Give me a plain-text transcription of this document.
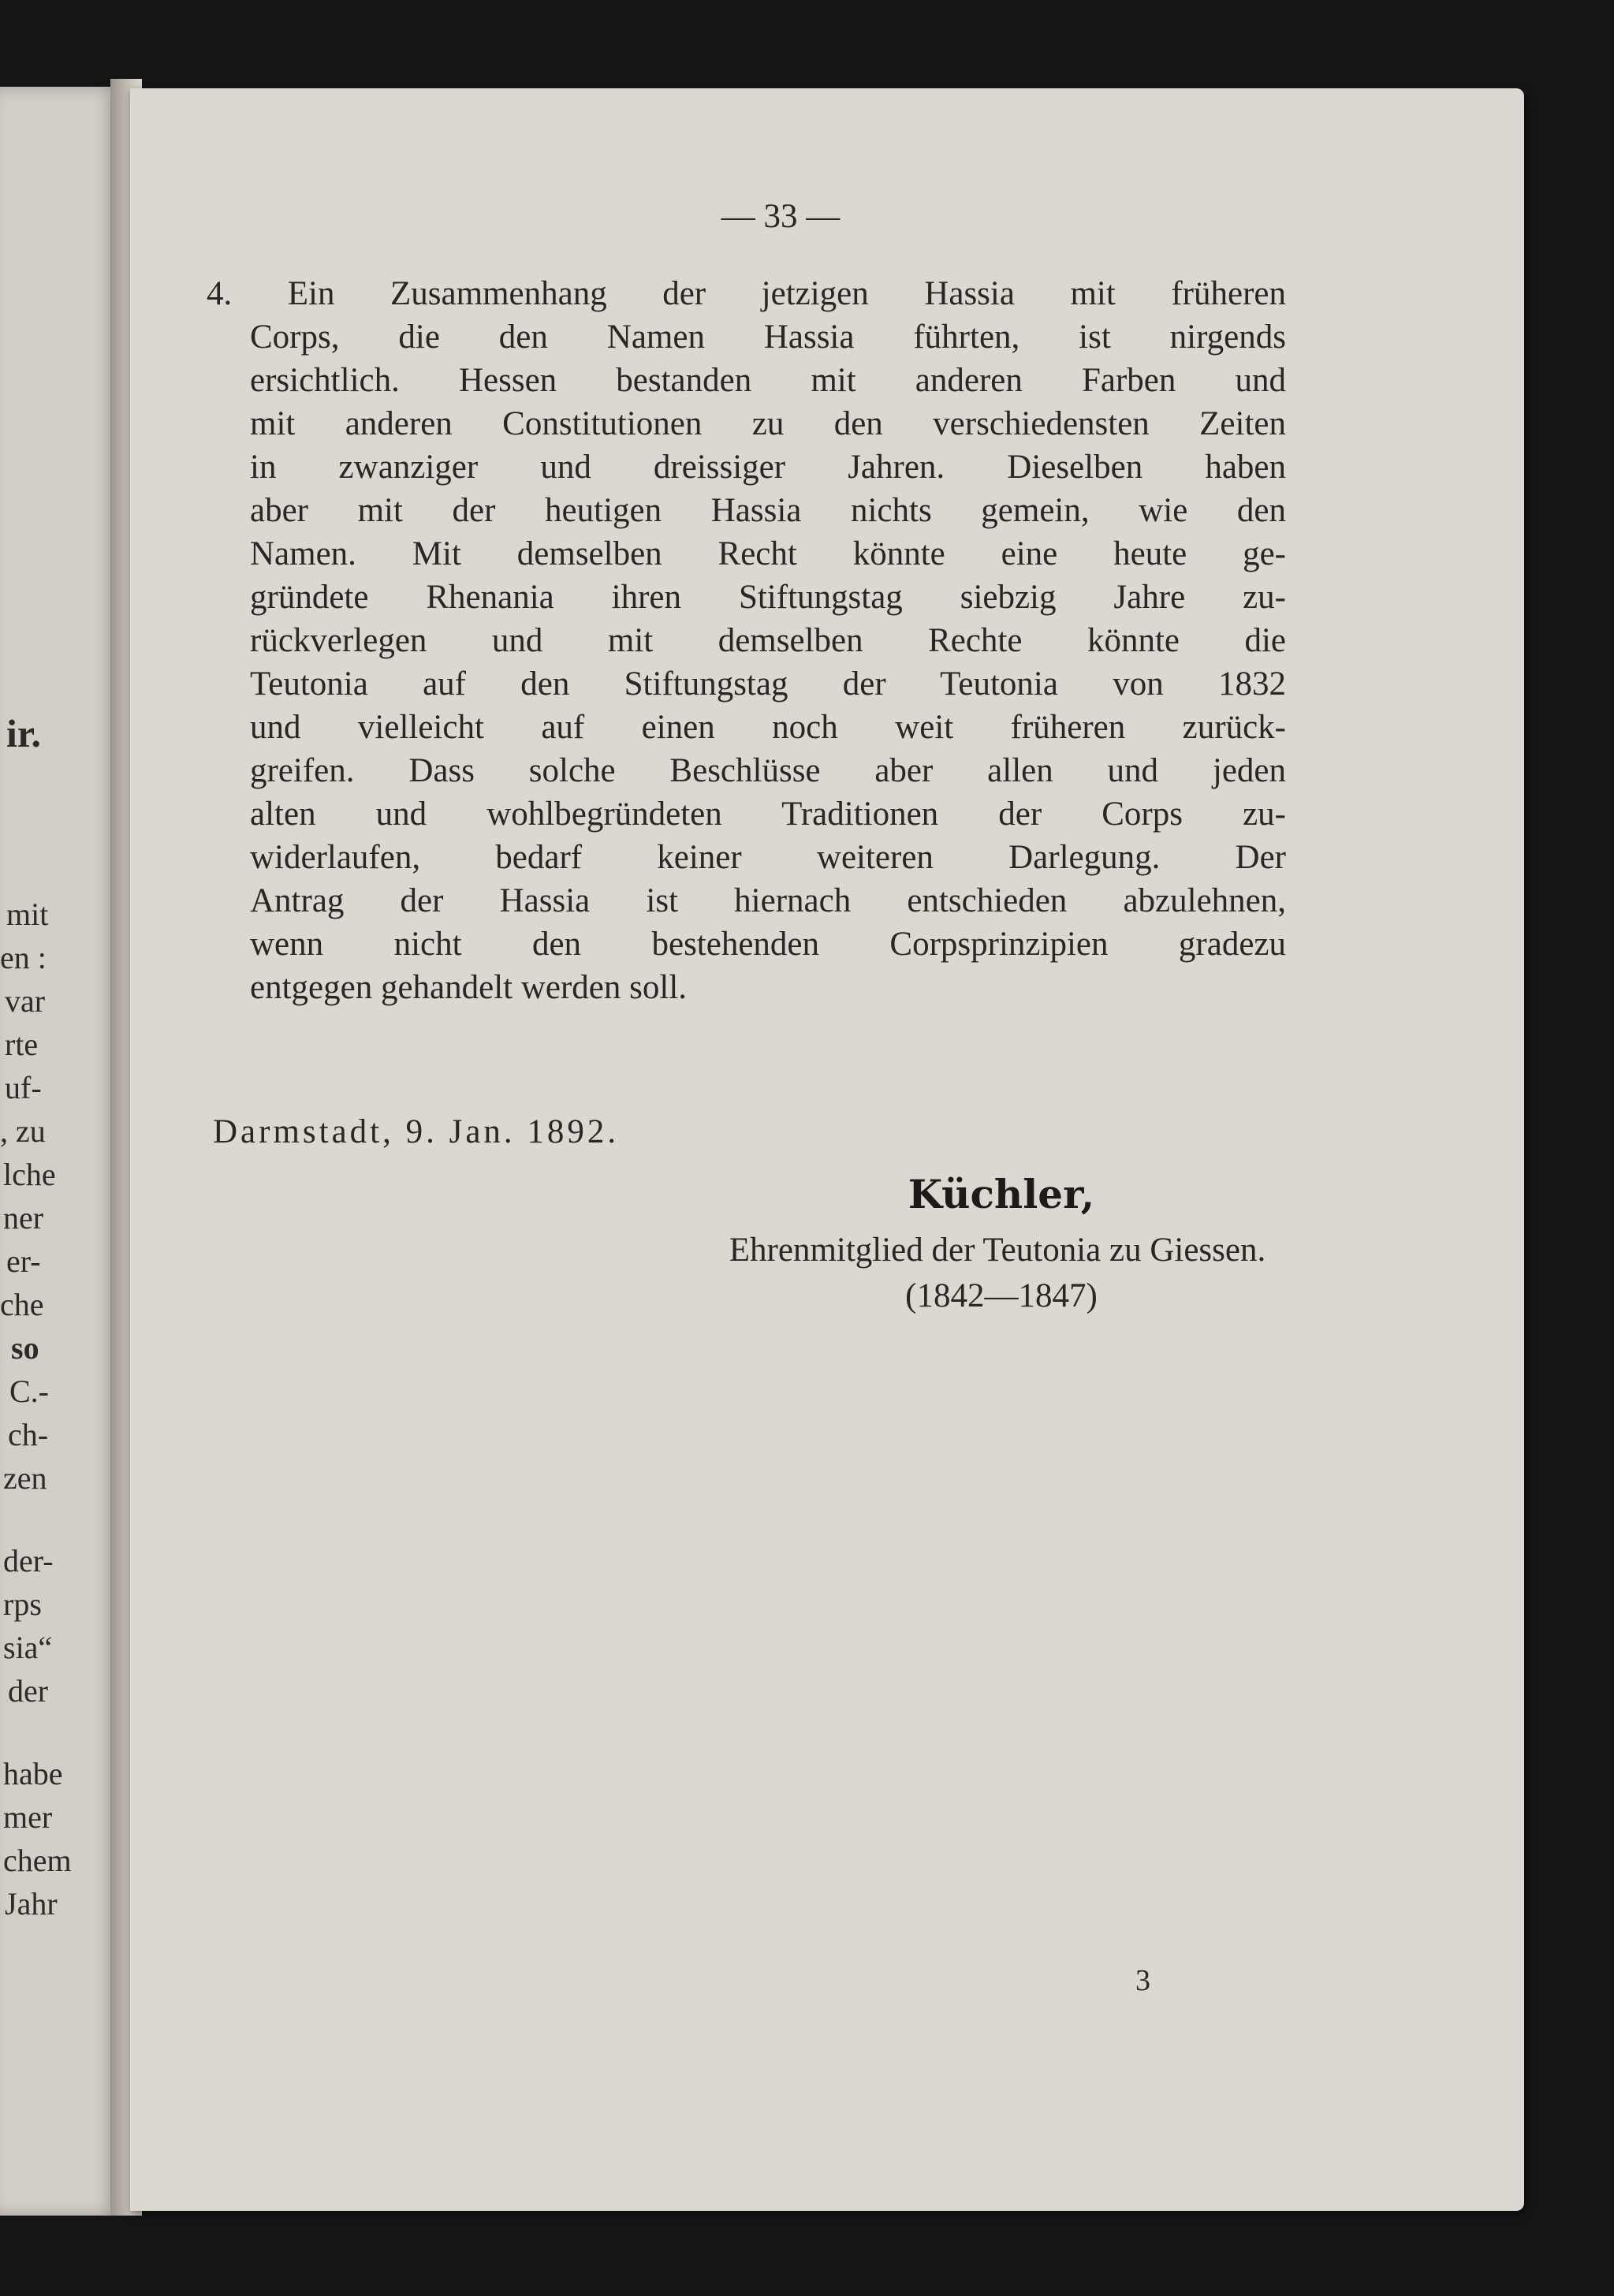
ir.
mit
en :
var
rte
uf-
, zu
lche
ner
er-
che
so
C.-
ch-
zen
der-
rps
sia“
der
habe
mer
chem
Jahr
— 33 —
4. Ein Zusammenhang der jetzigen Hassia mit früheren
Corps, die den Namen Hassia führten, ist nirgends
ersichtlich. Hessen bestanden mit anderen Farben und
mit anderen Constitutionen zu den verschiedensten Zeiten
in zwanziger und dreissiger Jahren. Dieselben haben
aber mit der heutigen Hassia nichts gemein, wie den
Namen. Mit demselben Recht könnte eine heute ge-
gründete Rhenania ihren Stiftungstag siebzig Jahre zu-
rückverlegen und mit demselben Rechte könnte die
Teutonia auf den Stiftungstag der Teutonia von 1832
und vielleicht auf einen noch weit früheren zurück-
greifen. Dass solche Beschlüsse aber allen und jeden
alten und wohlbegründeten Traditionen der Corps zu-
widerlaufen, bedarf keiner weiteren Darlegung. Der
Antrag der Hassia ist hiernach entschieden abzulehnen,
wenn nicht den bestehenden Corpsprinzipien gradezu
entgegen gehandelt werden soll.
Darmstadt, 9. Jan. 1892.
Küchler,
Ehrenmitglied der Teutonia zu Giessen.
(1842—1847)
3
